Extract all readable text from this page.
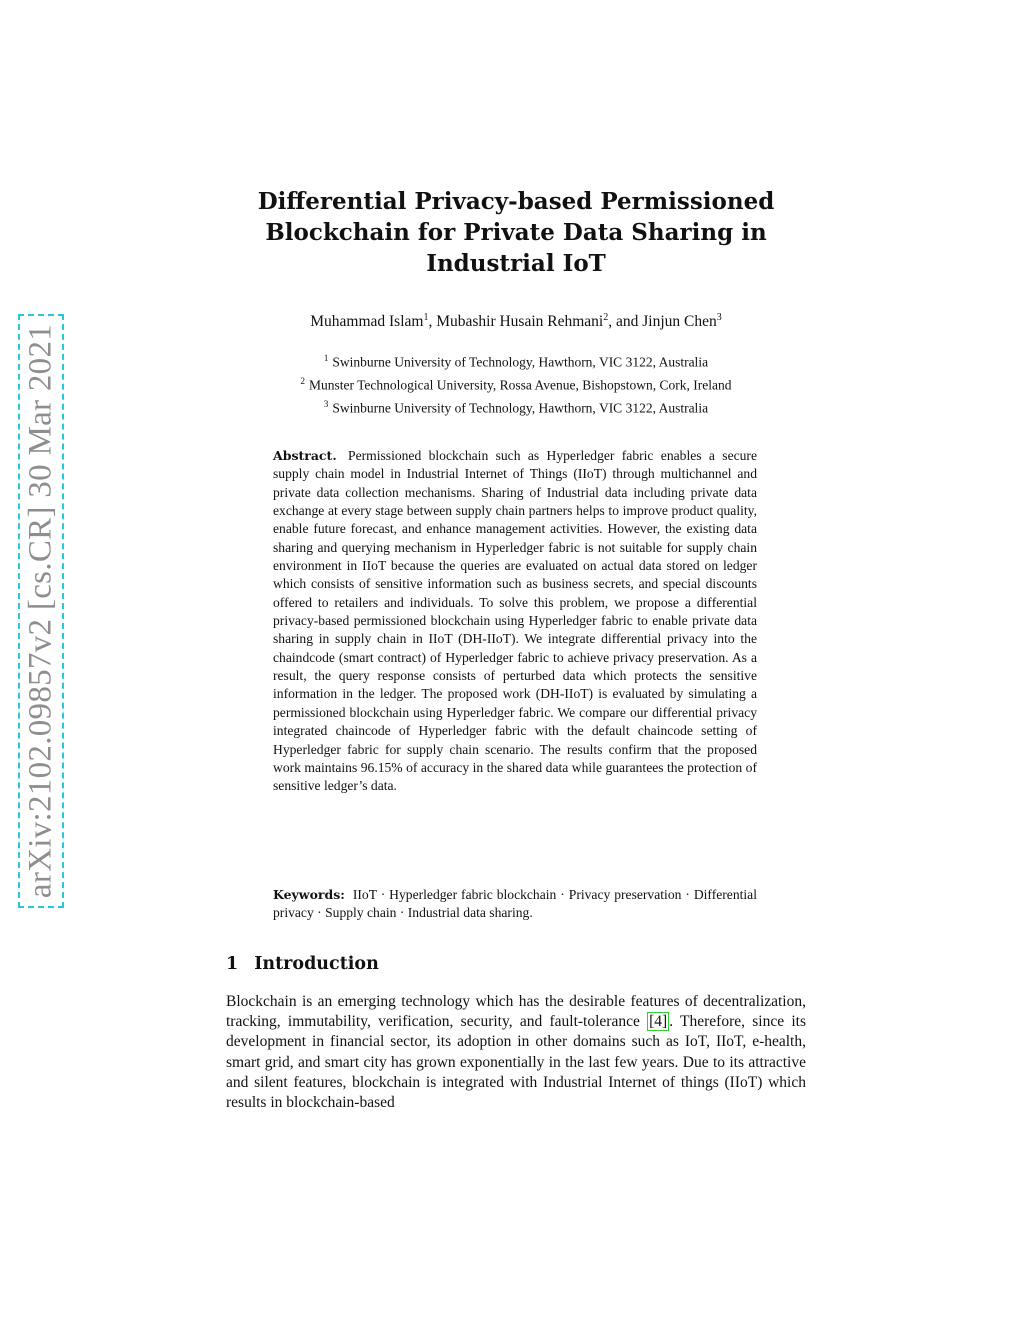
arXiv:2102.09857v2 [cs.CR] 30 Mar 2021
Differential Privacy-based Permissioned
Blockchain for Private Data Sharing in
Industrial IoT
Muhammad Islam$^1$, Mubashir Husain Rehmani$^2$, and Jinjun Chen$^3$
$^1$ Swinburne University of Technology, Hawthorn, VIC 3122, Australia
$^2$ Munster Technological University, Rossa Avenue, Bishopstown, Cork, Ireland
$^3$ Swinburne University of Technology, Hawthorn, VIC 3122, Australia
Abstract. Permissioned blockchain such as Hyperledger fabric enables a secure supply chain model in Industrial Internet of Things (IIoT) through multichannel and private data collection mechanisms. Sharing of Industrial data including private data exchange at every stage between supply chain partners helps to improve product quality, enable future forecast, and enhance management activities. However, the existing data sharing and querying mechanism in Hyperledger fabric is not suitable for supply chain environment in IIoT because the queries are evaluated on actual data stored on ledger which consists of sensitive information such as business secrets, and special discounts offered to retailers and individuals. To solve this problem, we propose a differential privacy-based permissioned blockchain using Hyperledger fabric to enable private data sharing in supply chain in IIoT (DH-IIoT). We integrate differential privacy into the chaindcode (smart contract) of Hyperledger fabric to achieve privacy preservation. As a result, the query response consists of perturbed data which protects the sensitive information in the ledger. The proposed work (DH-IIoT) is evaluated by simulating a permissioned blockchain using Hyperledger fabric. We compare our differential privacy integrated chaincode of Hyperledger fabric with the default chaincode setting of Hyperledger fabric for supply chain scenario. The results confirm that the proposed work maintains 96.15% of accuracy in the shared data while guarantees the protection of sensitive ledger’s data.
Keywords: IIoT · Hyperledger fabric blockchain · Privacy preservation · Differential privacy · Supply chain · Industrial data sharing.
1 Introduction
Blockchain is an emerging technology which has the desirable features of decentralization, tracking, immutability, verification, security, and fault-tolerance [4] . Therefore, since its development in financial sector, its adoption in other domains such as IoT, IIoT, e-health, smart grid, and smart city has grown exponentially in the last few years. Due to its attractive and silent features, blockchain is integrated with Industrial Internet of things (IIoT) which results in blockchain-based
